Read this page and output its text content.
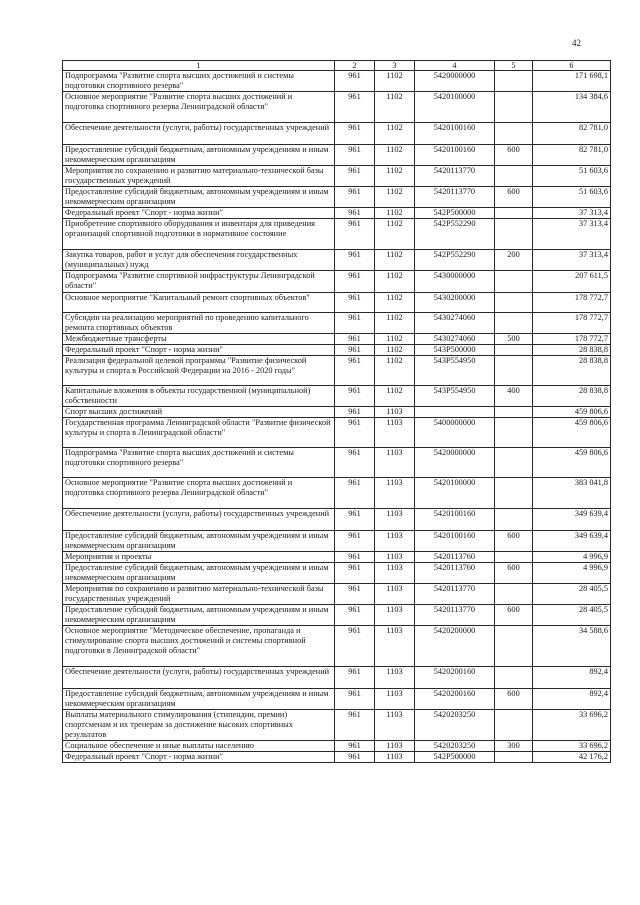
42
1	2	3	4	5	6
Подпрограмма "Развитие спорта высших достижений и системы подготовки спортивного резерва"	961	1102	5420000000		171 698,1
Основное мероприятие "Развитие спорта высших достижений и подготовка спортивного резерва Ленинградской области"	961	1102	5420100000		134 384,6
Обеспечение деятельности (услуги, работы) государственных учреждений	961	1102	5420100160		82 781,0
Предоставление субсидий бюджетным, автономным учреждениям и иным некоммерческим организациям	961	1102	5420100160	600	82 781,0
Мероприятия по сохранению и развитию материально-технической базы государственных учреждений	961	1102	5420113770		51 603,6
Предоставление субсидий бюджетным, автономным учреждениям и иным некоммерческим организациям	961	1102	5420113770	600	51 603,6
Федеральный проект "Спорт - норма жизни"	961	1102	542P500000		37 313,4
Приобретение спортивного оборудования и инвентаря для приведения организаций спортивной подготовки в нормативное состояние	961	1102	542P552290		37 313,4
Закупка товаров, работ и услуг для обеспечения государственных (муниципальных) нужд	961	1102	542P552290	200	37 313,4
Подпрограмма "Развитие спортивной инфраструктуры Ленинградской области"	961	1102	5430000000		207 611,5
Основное мероприятие "Капитальный ремонт спортивных объектов"	961	1102	5430200000		178 772,7
Субсидии на реализацию мероприятий по проведению капитального ремонта спортивных объектов	961	1102	5430274060		178 772,7
Межбюджетные трансферты	961	1102	5430274060	500	178 772,7
Федеральный проект "Спорт - норма жизни"	961	1102	543P500000		28 838,8
Реализация федеральной целевой программы "Развитие физической культуры и спорта в Российской Федерации на 2016 - 2020 годы"	961	1102	543P554950		28 838,8
Капитальные вложения в объекты государственной (муниципальной) собственности	961	1102	543P554950	400	28 838,8
Спорт высших достижений	961	1103			459 806,6
Государственная программа Ленинградской области "Развитие физической культуры и спорта в Ленинградской области"	961	1103	5400000000		459 806,6
Подпрограмма "Развитие спорта высших достижений и системы подготовки спортивного резерва"	961	1103	5420000000		459 806,6
Основное мероприятие "Развитие спорта высших достижений и подготовка спортивного резерва Ленинградской области"	961	1103	5420100000		383 041,8
Обеспечение деятельности (услуги, работы) государственных учреждений	961	1103	5420100160		349 639,4
Предоставление субсидий бюджетным, автономным учреждениям и иным некоммерческим организациям	961	1103	5420100160	600	349 639,4
Мероприятия и проекты	961	1103	5420113760		4 996,9
Предоставление субсидий бюджетным, автономным учреждениям и иным некоммерческим организациям	961	1103	5420113760	600	4 996,9
Мероприятия по сохранению и развитию материально-технической базы государственных учреждений	961	1103	5420113770		28 405,5
Предоставление субсидий бюджетным, автономным учреждениям и иным некоммерческим организациям	961	1103	5420113770	600	28 405,5
Основное мероприятие "Методическое обеспечение, пропаганда и стимулирование спорта высших достижений и системы спортивной подготовки в Ленинградской области"	961	1103	5420200000		34 588,6
Обеспечение деятельности (услуги, работы) государственных учреждений	961	1103	5420200160		892,4
Предоставление субсидий бюджетным, автономным учреждениям и иным некоммерческим организациям	961	1103	5420200160	600	892,4
Выплаты материального стимулирования (стипендии, премии) спортсменам и их тренерам за достижение высоких спортивных результатов	961	1103	5420203250		33 696,2
Социальное обеспечение и иные выплаты населению	961	1103	5420203250	300	33 696,2
Федеральный проект "Спорт - норма жизни"	961	1103	542P500000		42 176,2
